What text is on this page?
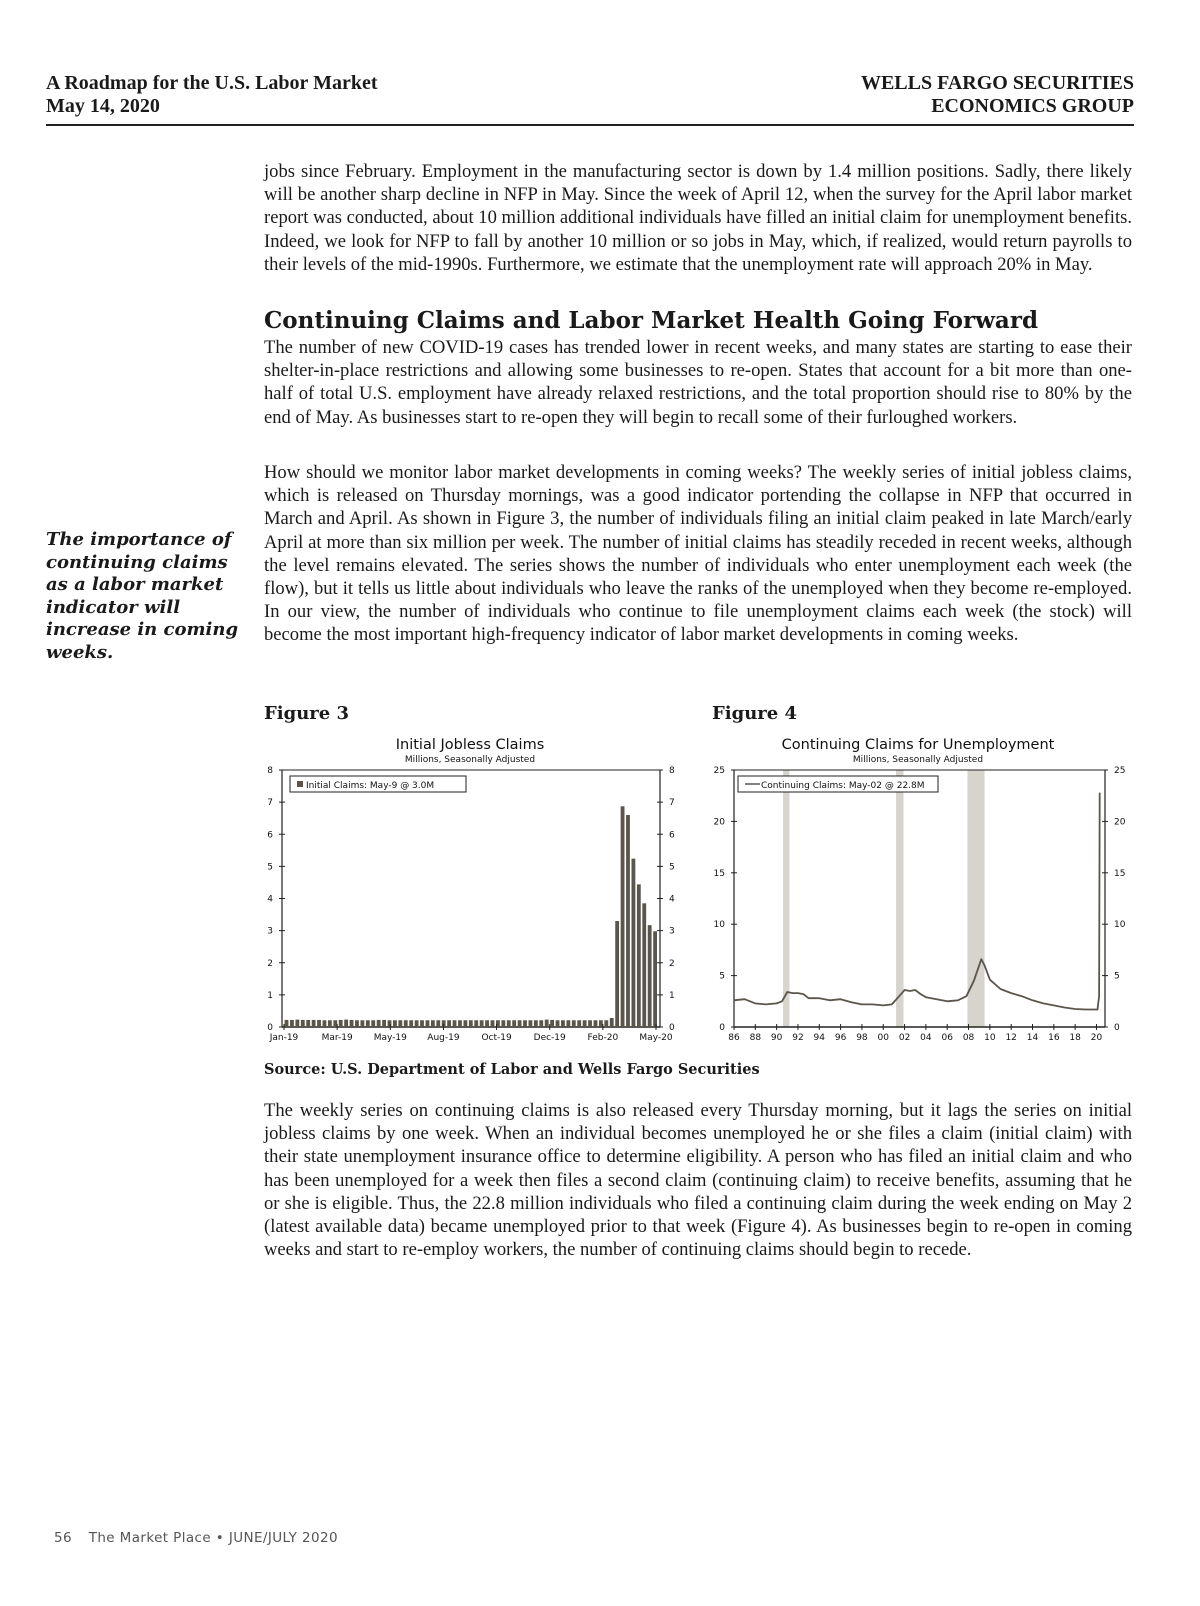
A Roadmap for the U.S. Labor Market
May 14, 2020
WELLS FARGO SECURITIES
ECONOMICS GROUP

jobs since February. Employment in the manufacturing sector is down by 1.4 million positions. Sadly, there likely will be another sharp decline in NFP in May. Since the week of April 12, when the survey for the April labor market report was conducted, about 10 million additional individuals have filled an initial claim for unemployment benefits. Indeed, we look for NFP to fall by another 10 million or so jobs in May, which, if realized, would return payrolls to their levels of the mid-1990s. Furthermore, we estimate that the unemployment rate will approach 20% in May.

Continuing Claims and Labor Market Health Going Forward

The number of new COVID-19 cases has trended lower in recent weeks, and many states are starting to ease their shelter-in-place restrictions and allowing some businesses to re-open. States that account for a bit more than one-half of total U.S. employment have already relaxed restrictions, and the total proportion should rise to 80% by the end of May. As businesses start to re-open they will begin to recall some of their furloughed workers.

How should we monitor labor market developments in coming weeks? The weekly series of initial jobless claims, which is released on Thursday mornings, was a good indicator portending the collapse in NFP that occurred in March and April. As shown in Figure 3, the number of individuals filing an initial claim peaked in late March/early April at more than six million per week. The number of initial claims has steadily receded in recent weeks, although the level remains elevated. The series shows the number of individuals who enter unemployment each week (the flow), but it tells us little about individuals who leave the ranks of the unemployed when they become re-employed. In our view, the number of individuals who continue to file unemployment claims each week (the stock) will become the most important high-frequency indicator of labor market developments in coming weeks.

The importance of continuing claims as a labor market indicator will increase in coming weeks.
Figure 3	Figure 4
Initial Jobless Claims
Millions, Seasonally Adjusted
0	0
1	1
2	2
3	3
4	4
5	5
6	6
7	7
8	8
Jan-19	Mar-19 May-19 Aug-19 Oct-19 Dec-19 Feb-20 May-20
Initial Claims: May-9 @ 3.0M
Continuing Claims for Unemployment
Millions, Seasonally Adjusted
0	0
5	5
10	10
15	15
20	20
25	25
86 88 90 92 94 96 98 00 02 04 06 08 10 12 14 16 18 20
Continuing Claims: May-02 @ 22.8M
Source: U.S. Department of Labor and Wells Fargo Securities

The weekly series on continuing claims is also released every Thursday morning, but it lags the series on initial jobless claims by one week. When an individual becomes unemployed he or she files a claim (initial claim) with their state unemployment insurance office to determine eligibility. A person who has filed an initial claim and who has been unemployed for a week then files a second claim (continuing claim) to receive benefits, assuming that he or she is eligible. Thus, the 22.8 million individuals who filed a continuing claim during the week ending on May 2 (latest available data) became unemployed prior to that week (Figure 4). As businesses begin to re-open in coming weeks and start to re-employ workers, the number of continuing claims should begin to recede.

56 The Market Place • JUNE/JULY 2020
